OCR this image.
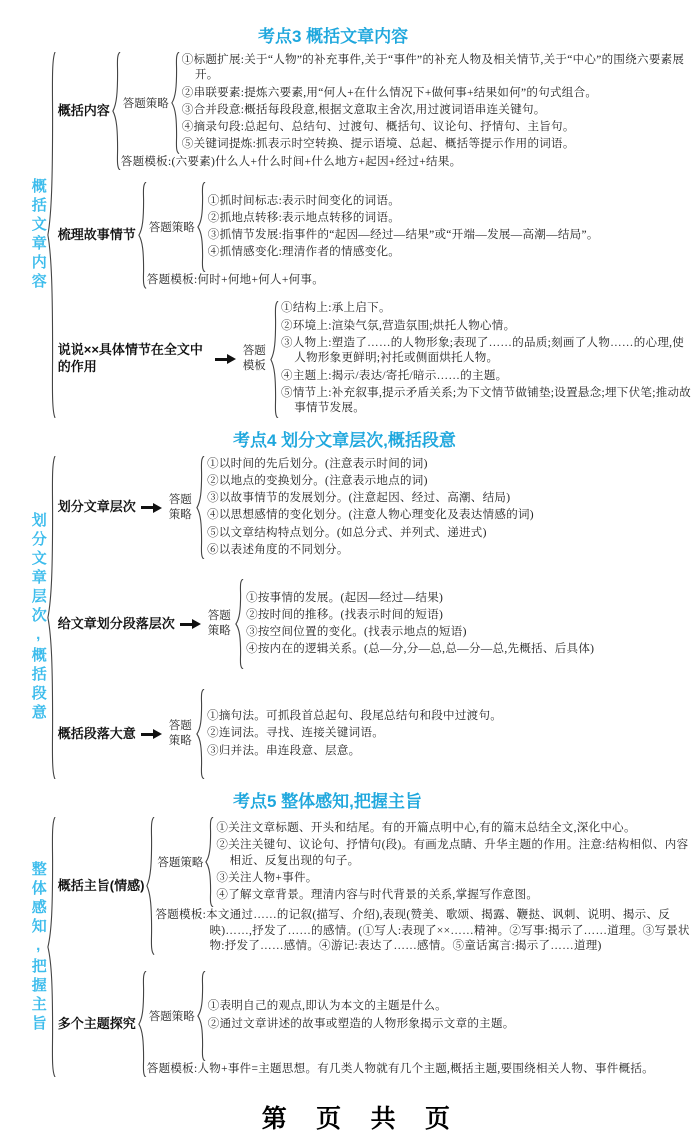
考点3 概括文章内容
概括文章内容
概括内容 答题策略

①标题扩展:关于“人物”的补充事件,关于“事件”的补充人物及相关情节,关于“中心”的围绕六要素展开。

②串联要素:提炼六要素,用“何人+在什么情况下+做何事+结果如何”的句式组合。

③合并段意:概括每段段意,根据文意取主舍次,用过渡词语串连关键句。

④摘录句段:总起句、总结句、过渡句、概括句、议论句、抒情句、主旨句。

⑤关键词提炼:抓表示时空转换、提示语境、总起、概括等提示作用的词语。

答题模板:(六要素)什么人+什么时间+什么地方+起因+经过+结果。

梳理故事情节 答题策略

①抓时间标志:表示时间变化的词语。

②抓地点转移:表示地点转移的词语。

③抓情节发展:指事件的“起因—经过—结果”或“开端—发展—高潮—结局”。

④抓情感变化:理清作者的情感变化。

答题模板:何时+何地+何人+何事。

说说××具体情节在全文中的作用
答题模板

①结构上:承上启下。

②环境上:渲染气氛,营造氛围;烘托人物心情。

③人物上:塑造了……的人物形象;表现了……的品质;刻画了人物……的心理,使人物形象更鲜明;衬托或侧面烘托人物。

④主题上:揭示/表达/寄托/暗示……的主题。

⑤情节上:补充叙事,提示矛盾关系;为下文情节做铺垫;设置悬念;埋下伏笔;推动故事情节发展。

考点4 划分文章层次,概括段意
划分文章层次,概括段意
划分文章层次	答题策略

①以时间的先后划分。(注意表示时间的词)

②以地点的变换划分。(注意表示地点的词)

③以故事情节的发展划分。(注意起因、经过、高潮、结局)

④以思想感情的变化划分。(注意人物心理变化及表达情感的词)

⑤以文章结构特点划分。(如总分式、并列式、递进式)

⑥以表述角度的不同划分。

给文章划分段落层次	答题策略

①按事情的发展。(起因—经过—结果)

②按时间的推移。(找表示时间的短语)

③按空间位置的变化。(找表示地点的短语)

④按内在的逻辑关系。(总—分,分—总,总—分—总,先概括、后具体)

概括段落大意	答题策略

①摘句法。可抓段首总起句、段尾总结句和段中过渡句。

②连词法。寻找、连接关键词语。

③归并法。串连段意、层意。

考点5 整体感知,把握主旨
整体感知,把握主旨 概括主旨(情感)
答题策略

①关注文章标题、开头和结尾。有的开篇点明中心,有的篇末总结全文,深化中心。

②关注关键句、议论句、抒情句(段)。有画龙点睛、升华主题的作用。注意:结构相似、内容相近、反复出现的句子。

③关注人物+事件。

④了解文章背景。理清内容与时代背景的关系,掌握写作意图。

答题模板:本文通过……的记叙(描写、介绍),表现(赞美、歌颂、揭露、鞭挞、讽刺、说明、揭示、反映)……,抒发了……的感情。(①写人:表现了××……精神。②写事:揭示了……道理。③写景状物:抒发了……感情。④游记:表达了……感情。⑤童话寓言:揭示了……道理)

多个主题探究 答题策略

①表明自己的观点,即认为本文的主题是什么。

②通过文章讲述的故事或塑造的人物形象揭示文章的主题。

答题模板:人物+事件=主题思想。有几类人物就有几个主题,概括主题,要围绕相关人物、事件概括。

第 页 共 页
